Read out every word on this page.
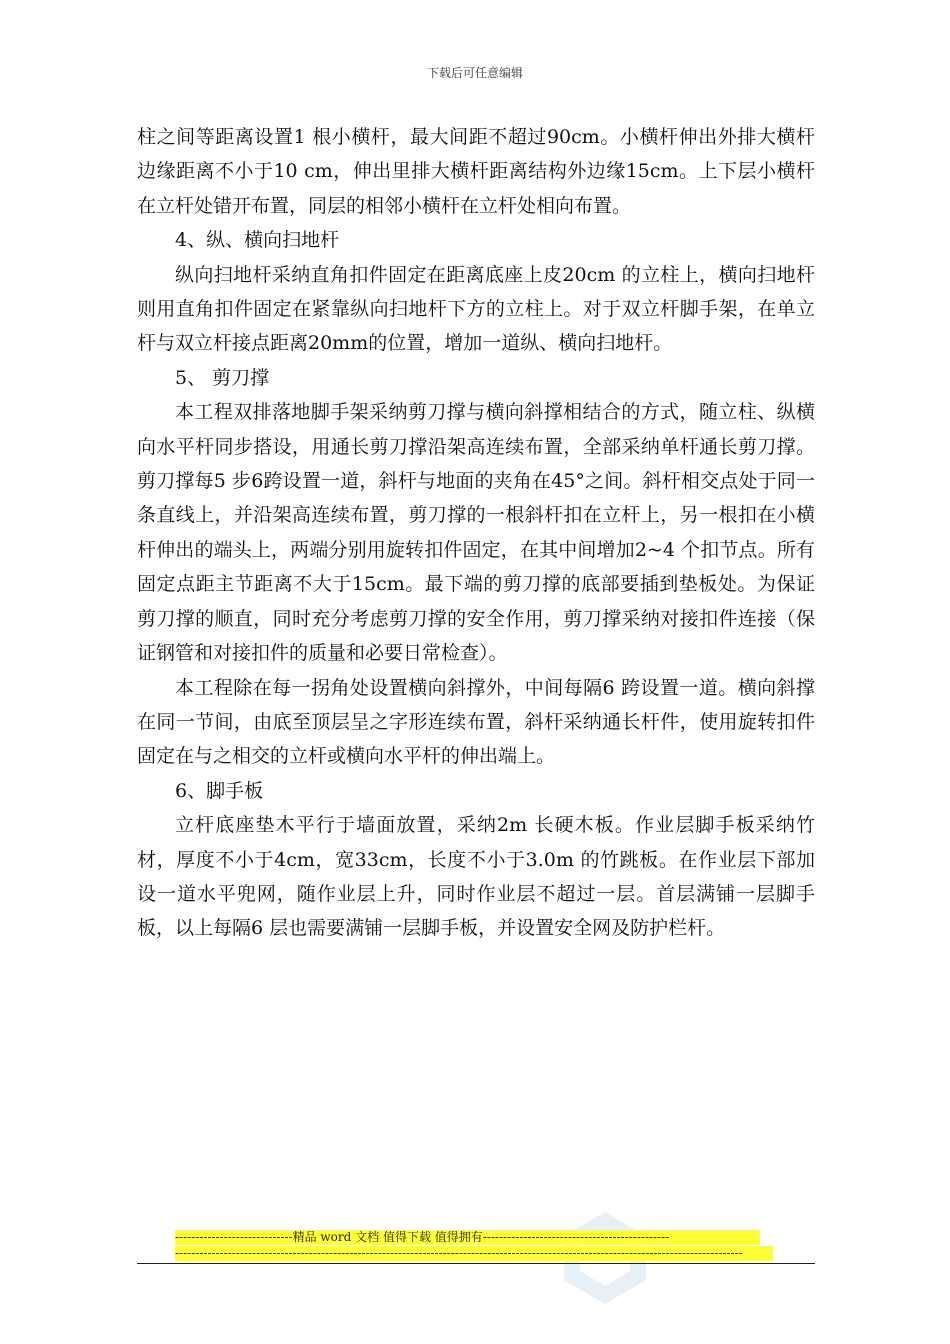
下载后可任意编辑

柱之间等距离设置1 根小横杆，最大间距不超过90cm。小横杆伸出外排大横杆边缘距离不小于10 cm，伸出里排大横杆距离结构外边缘15cm。上下层小横杆在立杆处错开布置，同层的相邻小横杆在立杆处相向布置。

4、纵、横向扫地杆

纵向扫地杆采纳直角扣件固定在距离底座上皮20cm 的立柱上，横向扫地杆则用直角扣件固定在紧靠纵向扫地杆下方的立柱上。对于双立杆脚手架，在单立杆与双立杆接点距离20mm的位置，增加一道纵、横向扫地杆。

5、 剪刀撑

本工程双排落地脚手架采纳剪刀撑与横向斜撑相结合的方式，随立柱、纵横向水平杆同步搭设，用通长剪刀撑沿架高连续布置，全部采纳单杆通长剪刀撑。剪刀撑每5 步6跨设置一道，斜杆与地面的夹角在45°之间。斜杆相交点处于同一条直线上，并沿架高连续布置，剪刀撑的一根斜杆扣在立杆上，另一根扣在小横杆伸出的端头上，两端分别用旋转扣件固定，在其中间增加2~4 个扣节点。所有固定点距主节距离不大于15cm。最下端的剪刀撑的底部要插到垫板处。为保证剪刀撑的顺直，同时充分考虑剪刀撑的安全作用，剪刀撑采纳对接扣件连接（保证钢管和对接扣件的质量和必要日常检查）。

本工程除在每一拐角处设置横向斜撑外，中间每隔6 跨设置一道。横向斜撑在同一节间，由底至顶层呈之字形连续布置，斜杆采纳通长杆件，使用旋转扣件固定在与之相交的立杆或横向水平杆的伸出端上。

6、脚手板

立杆底座垫木平行于墙面放置，采纳2m 长硬木板。作业层脚手板采纳竹材，厚度不小于4cm，宽33cm，长度不小于3.0m 的竹跳板。在作业层下部加设一道水平兜网，随作业层上升，同时作业层不超过一层。首层满铺一层脚手板，以上每隔6 层也需要满铺一层脚手板，并设置安全网及防护栏杆。

-----------------------------精品 word 文档 值得下载 值得拥有----------------------------------------------
--------------------------------------------------------------------------------------------------------------------------------------------
